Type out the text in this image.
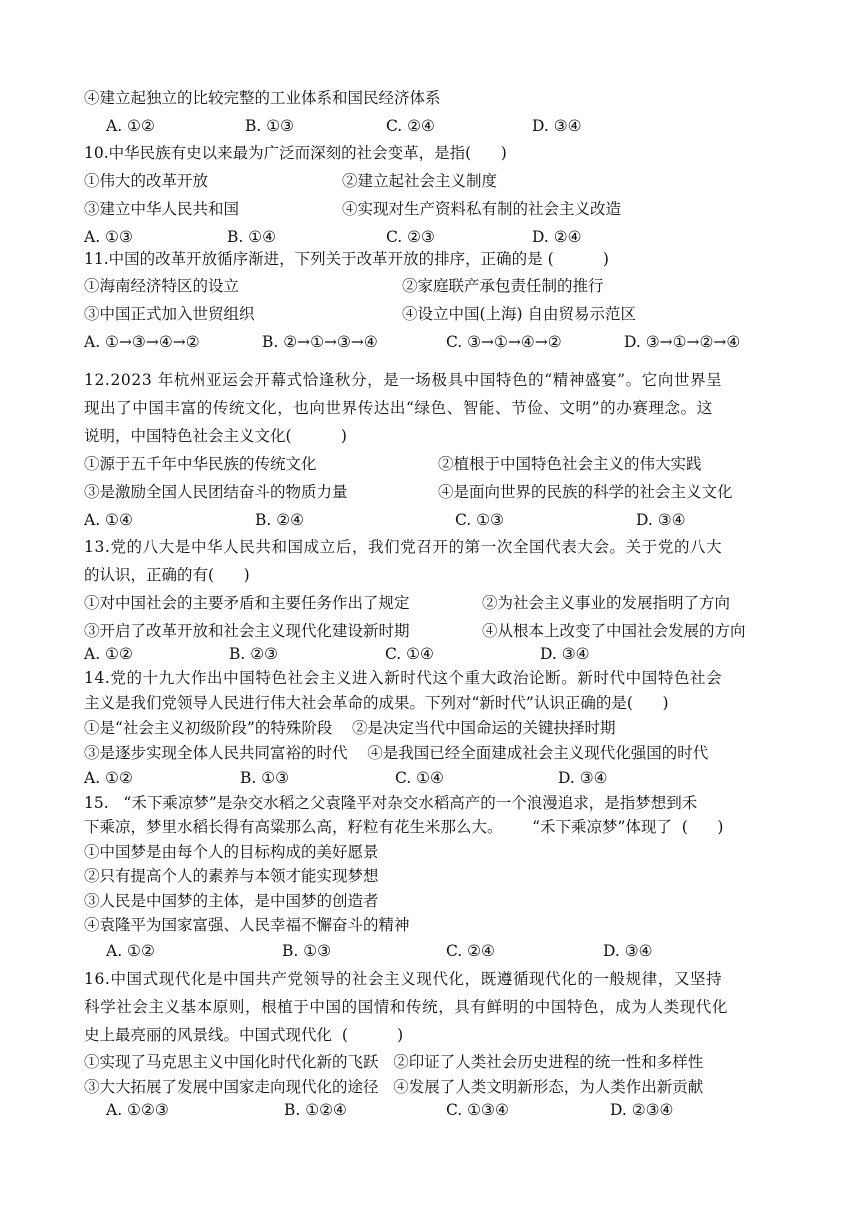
④建立起独立的比较完整的工业体系和国民经济体系
A. ①②	B. ①③	C. ②④	D. ③④
10.中华民族有史以来最为广泛而深刻的社会变革，是指(      )
①伟大的改革开放	②建立起社会主义制度
③建立中华人民共和国	④实现对生产资料私有制的社会主义改造
A. ①③	B. ①④	C. ②③	D. ②④
11.中国的改革开放循序渐进，下列关于改革开放的排序，正确的是 (          )
①海南经济特区的设立	②家庭联产承包责任制的推行
③中国正式加入世贸组织	④设立中国(上海) 自由贸易示范区
A. ①→③→④→②	B. ②→①→③→④	C. ③→①→④→②	D. ③→①→②→④
12.2023 年杭州亚运会开幕式恰逢秋分，是一场极具中国特色的“精神盛宴”。它向世界呈
现出了中国丰富的传统文化，也向世界传达出“绿色、智能、节俭、文明”的办赛理念。这
说明，中国特色社会主义文化(          )
①源于五千年中华民族的传统文化	②植根于中国特色社会主义的伟大实践
③是激励全国人民团结奋斗的物质力量	④是面向世界的民族的科学的社会主义文化
A. ①④	B. ②④	C. ①③	D. ③④
13.党的八大是中华人民共和国成立后，我们党召开的第一次全国代表大会。关于党的八大
的认识，正确的有(      )
①对中国社会的主要矛盾和主要任务作出了规定	②为社会主义事业的发展指明了方向
③开启了改革开放和社会主义现代化建设新时期	④从根本上改变了中国社会发展的方向
A. ①②	B. ②③	C. ①④	D. ③④
14.党的十九大作出中国特色社会主义进入新时代这个重大政治论断。新时代中国特色社会
主义是我们党领导人民进行伟大社会革命的成果。下列对“新时代”认识正确的是(      )
①是“社会主义初级阶段”的特殊阶段    ②是决定当代中国命运的关键抉择时期
③是逐步实现全体人民共同富裕的时代    ④是我国已经全面建成社会主义现代化强国的时代
A. ①②	B. ①③	C. ①④	D. ③④
15.   “禾下乘凉梦”是杂交水稻之父袁隆平对杂交水稻高产的一个浪漫追求，是指梦想到禾
下乘凉，梦里水稻长得有高粱那么高，籽粒有花生米那么大。      “禾下乘凉梦”体现了  (      )
①中国梦是由每个人的目标构成的美好愿景
②只有提高个人的素养与本领才能实现梦想
③人民是中国梦的主体，是中国梦的创造者
④袁隆平为国家富强、人民幸福不懈奋斗的精神
A. ①②	B. ①③	C. ②④	D. ③④
16.中国式现代化是中国共产党领导的社会主义现代化，既遵循现代化的一般规律，又坚持
科学社会主义基本原则，根植于中国的国情和传统，具有鲜明的中国特色，成为人类现代化
史上最亮丽的风景线。中国式现代化  (          )
①实现了马克思主义中国化时代化新的飞跃   ②印证了人类社会历史进程的统一性和多样性
③大大拓展了发展中国家走向现代化的途径   ④发展了人类文明新形态，为人类作出新贡献
A. ①②③	B. ①②④	C. ①③④	D. ②③④
